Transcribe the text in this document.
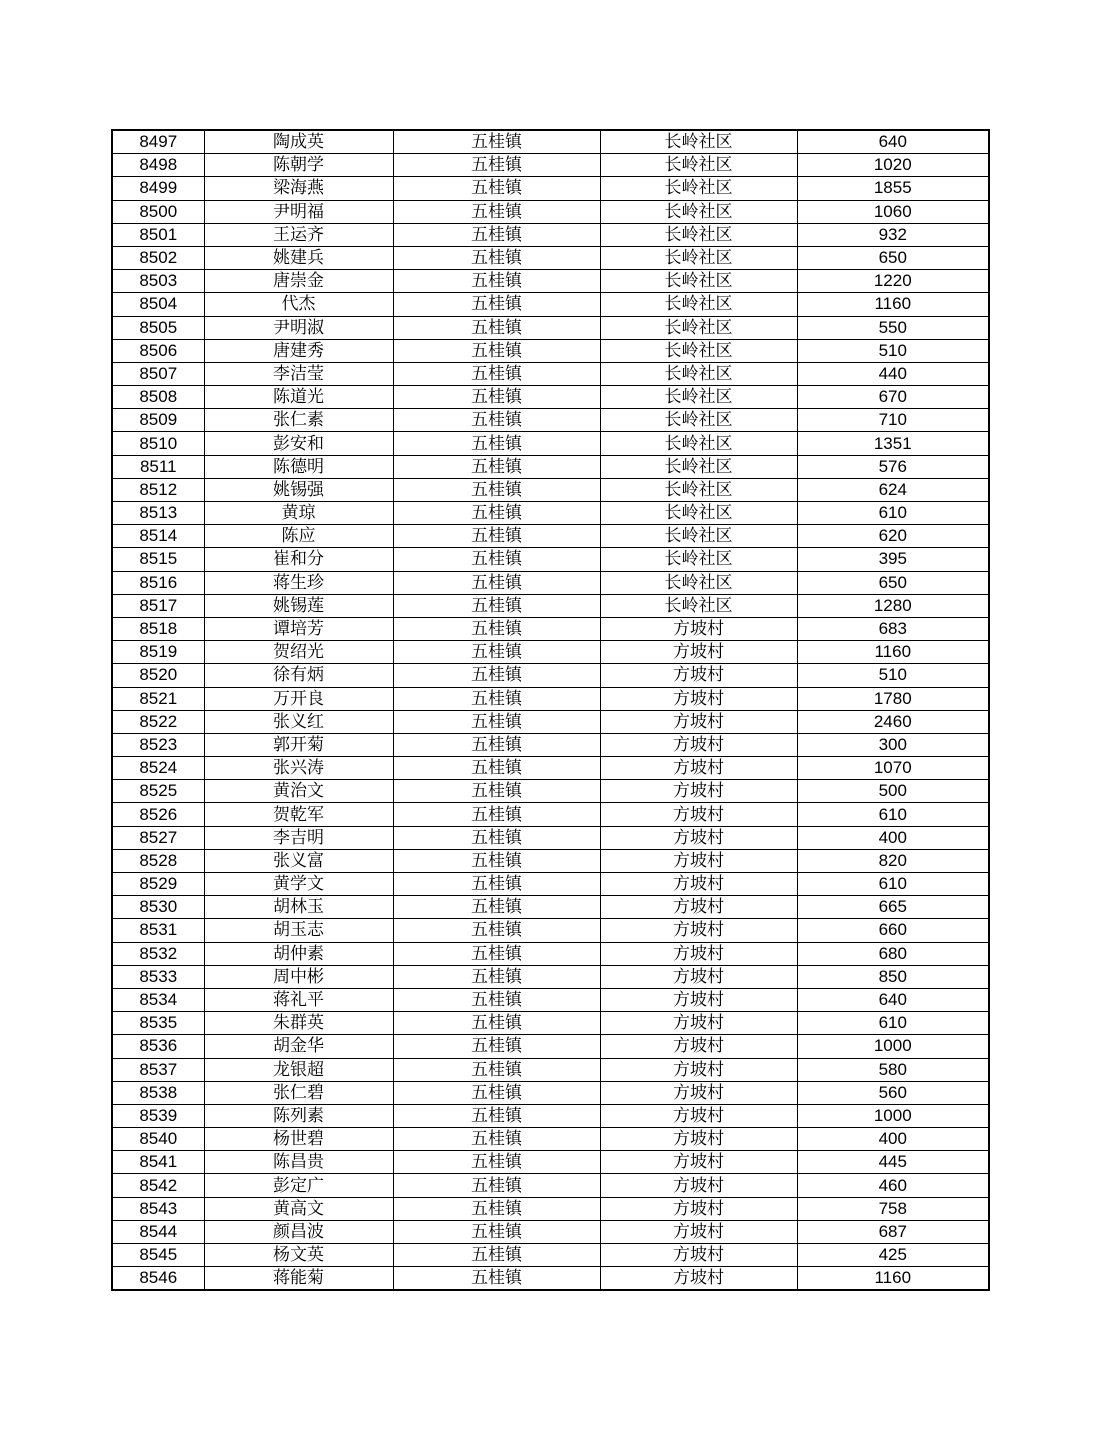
8497	陶成英	五桂镇	长岭社区	640
8498	陈朝学	五桂镇	长岭社区	1020
8499	梁海燕	五桂镇	长岭社区	1855
8500	尹明福	五桂镇	长岭社区	1060
8501	王运齐	五桂镇	长岭社区	932
8502	姚建兵	五桂镇	长岭社区	650
8503	唐崇金	五桂镇	长岭社区	1220
8504	代杰	五桂镇	长岭社区	1160
8505	尹明淑	五桂镇	长岭社区	550
8506	唐建秀	五桂镇	长岭社区	510
8507	李洁莹	五桂镇	长岭社区	440
8508	陈道光	五桂镇	长岭社区	670
8509	张仁素	五桂镇	长岭社区	710
8510	彭安和	五桂镇	长岭社区	1351
8511	陈德明	五桂镇	长岭社区	576
8512	姚锡强	五桂镇	长岭社区	624
8513	黄琼	五桂镇	长岭社区	610
8514	陈应	五桂镇	长岭社区	620
8515	崔和分	五桂镇	长岭社区	395
8516	蒋生珍	五桂镇	长岭社区	650
8517	姚锡莲	五桂镇	长岭社区	1280
8518	谭培芳	五桂镇	方坡村	683
8519	贺绍光	五桂镇	方坡村	1160
8520	徐有炳	五桂镇	方坡村	510
8521	万开良	五桂镇	方坡村	1780
8522	张义红	五桂镇	方坡村	2460
8523	郭开菊	五桂镇	方坡村	300
8524	张兴涛	五桂镇	方坡村	1070
8525	黄治文	五桂镇	方坡村	500
8526	贺乾军	五桂镇	方坡村	610
8527	李吉明	五桂镇	方坡村	400
8528	张义富	五桂镇	方坡村	820
8529	黄学文	五桂镇	方坡村	610
8530	胡林玉	五桂镇	方坡村	665
8531	胡玉志	五桂镇	方坡村	660
8532	胡仲素	五桂镇	方坡村	680
8533	周中彬	五桂镇	方坡村	850
8534	蒋礼平	五桂镇	方坡村	640
8535	朱群英	五桂镇	方坡村	610
8536	胡金华	五桂镇	方坡村	1000
8537	龙银超	五桂镇	方坡村	580
8538	张仁碧	五桂镇	方坡村	560
8539	陈列素	五桂镇	方坡村	1000
8540	杨世碧	五桂镇	方坡村	400
8541	陈昌贵	五桂镇	方坡村	445
8542	彭定广	五桂镇	方坡村	460
8543	黄高文	五桂镇	方坡村	758
8544	颜昌波	五桂镇	方坡村	687
8545	杨文英	五桂镇	方坡村	425
8546	蒋能菊	五桂镇	方坡村	1160
